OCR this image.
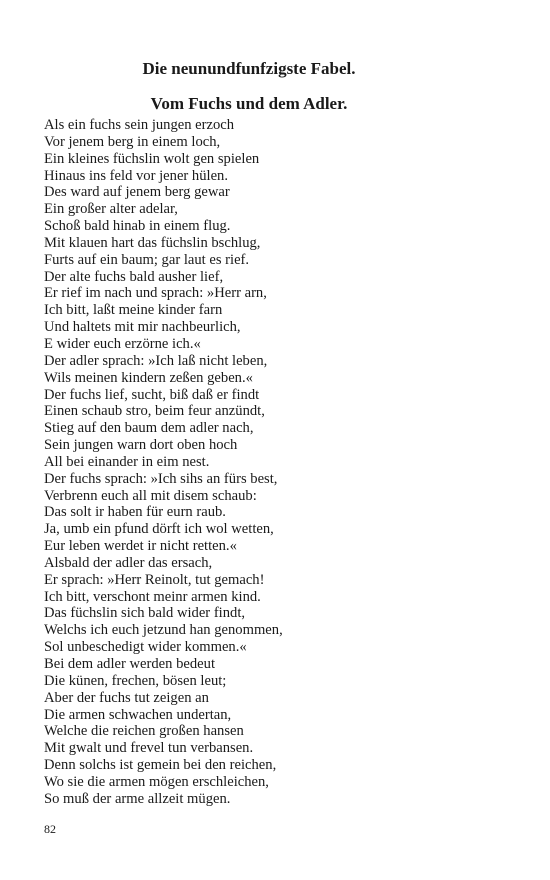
Die neunundfunfzigste Fabel.
Vom Fuchs und dem Adler.
Als ein fuchs sein jungen erzoch
Vor jenem berg in einem loch,
Ein kleines füchslin wolt gen spielen
Hinaus ins feld vor jener hülen.
Des ward auf jenem berg gewar
Ein großer alter adelar,
Schoß bald hinab in einem flug.
Mit klauen hart das füchslin bschlug,
Furts auf ein baum; gar laut es rief.
Der alte fuchs bald ausher lief,
Er rief im nach und sprach: »Herr arn,
Ich bitt, laßt meine kinder farn
Und haltets mit mir nachbeurlich,
E wider euch erzörne ich.«
Der adler sprach: »Ich laß nicht leben,
Wils meinen kindern zeßen geben.«
Der fuchs lief, sucht, biß daß er findt
Einen schaub stro, beim feur anzündt,
Stieg auf den baum dem adler nach,
Sein jungen warn dort oben hoch
All bei einander in eim nest.
Der fuchs sprach: »Ich sihs an fürs best,
Verbrenn euch all mit disem schaub:
Das solt ir haben für eurn raub.
Ja, umb ein pfund dörft ich wol wetten,
Eur leben werdet ir nicht retten.«
Alsbald der adler das ersach,
Er sprach: »Herr Reinolt, tut gemach!
Ich bitt, verschont meinr armen kind.
Das füchslin sich bald wider findt,
Welchs ich euch jetzund han genommen,
Sol unbeschedigt wider kommen.«
Bei dem adler werden bedeut
Die künen, frechen, bösen leut;
Aber der fuchs tut zeigen an
Die armen schwachen undertan,
Welche die reichen großen hansen
Mit gwalt und frevel tun verbansen.
Denn solchs ist gemein bei den reichen,
Wo sie die armen mögen erschleichen,
So muß der arme allzeit mügen.
82
